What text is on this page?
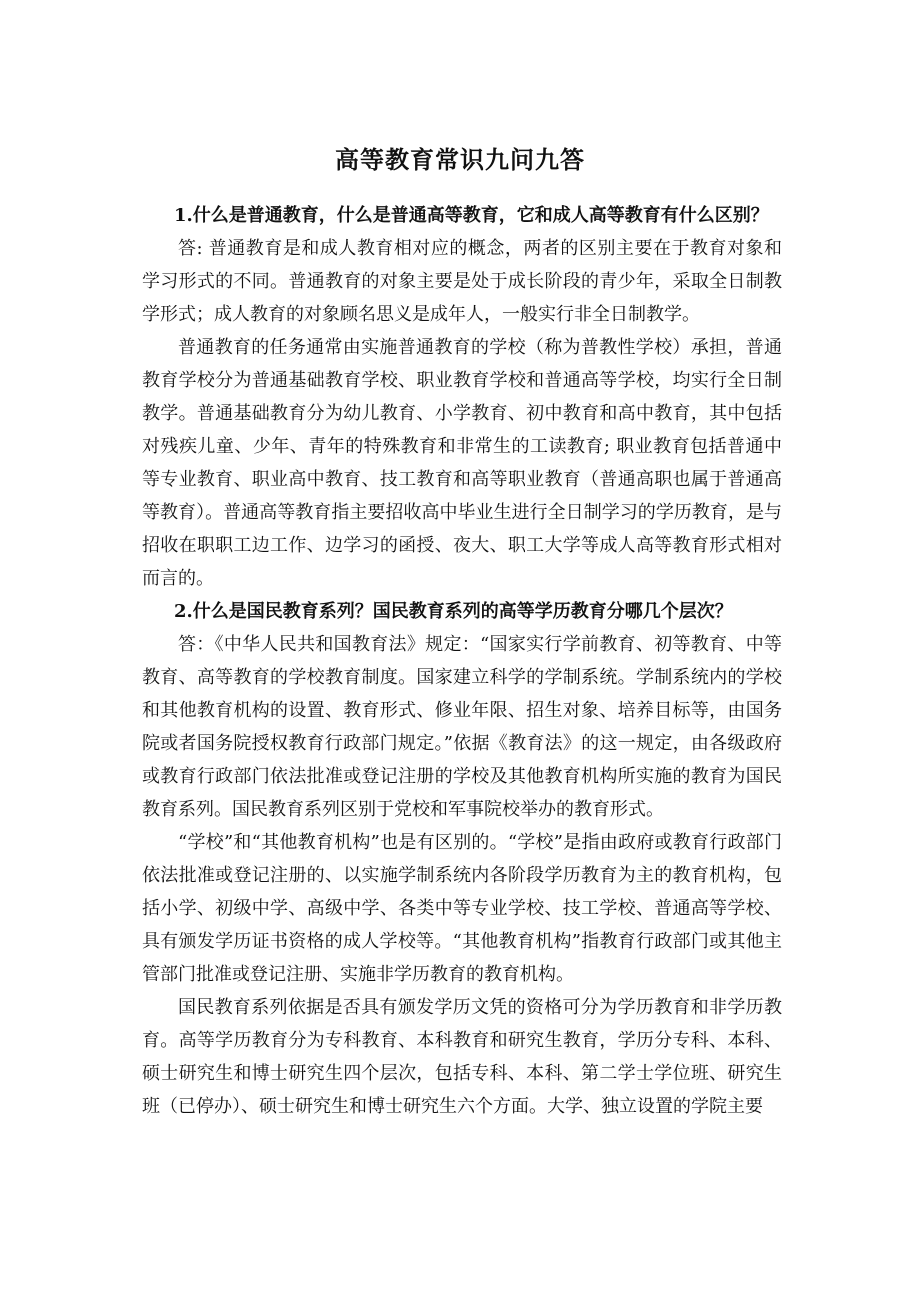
高等教育常识九问九答

1.什么是普通教育，什么是普通高等教育，它和成人高等教育有什么区别？

答: 普通教育是和成人教育相对应的概念，两者的区别主要在于教育对象和学习形式的不同。普通教育的对象主要是处于成长阶段的青少年，采取全日制教学形式；成人教育的对象顾名思义是成年人，一般实行非全日制教学。

普通教育的任务通常由实施普通教育的学校（称为普教性学校）承担，普通教育学校分为普通基础教育学校、职业教育学校和普通高等学校，均实行全日制教学。普通基础教育分为幼儿教育、小学教育、初中教育和高中教育，其中包括对残疾儿童、少年、青年的特殊教育和非常生的工读教育; 职业教育包括普通中等专业教育、职业高中教育、技工教育和高等职业教育（普通高职也属于普通高等教育）。普通高等教育指主要招收高中毕业生进行全日制学习的学历教育，是与招收在职职工边工作、边学习的函授、夜大、职工大学等成人高等教育形式相对而言的。

2.什么是国民教育系列？国民教育系列的高等学历教育分哪几个层次？

答：《中华人民共和国教育法》规定：“国家实行学前教育、初等教育、中等教育、高等教育的学校教育制度。国家建立科学的学制系统。学制系统内的学校和其他教育机构的设置、教育形式、修业年限、招生对象、培养目标等，由国务院或者国务院授权教育行政部门规定。”依据《教育法》的这一规定，由各级政府或教育行政部门依法批准或登记注册的学校及其他教育机构所实施的教育为国民教育系列。国民教育系列区别于党校和军事院校举办的教育形式。

“学校”和“其他教育机构”也是有区别的。“学校”是指由政府或教育行政部门依法批准或登记注册的、以实施学制系统内各阶段学历教育为主的教育机构，包括小学、初级中学、高级中学、各类中等专业学校、技工学校、普通高等学校、具有颁发学历证书资格的成人学校等。“其他教育机构”指教育行政部门或其他主管部门批准或登记注册、实施非学历教育的教育机构。

国民教育系列依据是否具有颁发学历文凭的资格可分为学历教育和非学历教育。高等学历教育分为专科教育、本科教育和研究生教育，学历分专科、本科、硕士研究生和博士研究生四个层次，包括专科、本科、第二学士学位班、研究生班（已停办）、硕士研究生和博士研究生六个方面。大学、独立设置的学院主要
